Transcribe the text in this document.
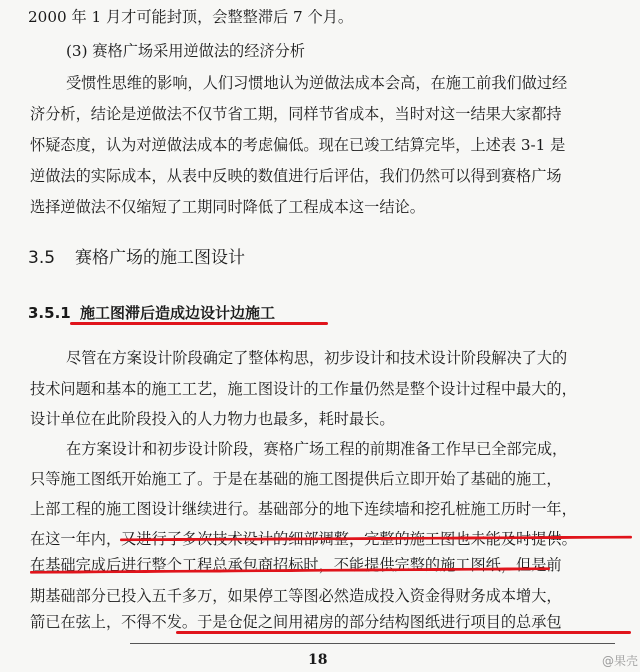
2000 年 1 月才可能封顶，会整整滞后 7 个月。
(3) 赛格广场采用逆做法的经济分析
受惯性思维的影响，人们习惯地认为逆做法成本会高，在施工前我们做过经
济分析，结论是逆做法不仅节省工期，同样节省成本，当时对这一结果大家都持
怀疑态度，认为对逆做法成本的考虑偏低。现在已竣工结算完毕，上述表 3-1 是
逆做法的实际成本，从表中反映的数值进行后评估，我们仍然可以得到赛格广场
选择逆做法不仅缩短了工期同时降低了工程成本这一结论。
3.5 赛格广场的施工图设计
3.5.1 施工图滞后造成边设计边施工
尽管在方案设计阶段确定了整体构思，初步设计和技术设计阶段解决了大的
技术问题和基本的施工工艺，施工图设计的工作量仍然是整个设计过程中最大的，
设计单位在此阶段投入的人力物力也最多，耗时最长。
在方案设计和初步设计阶段，赛格广场工程的前期准备工作早已全部完成，
只等施工图纸开始施工了。于是在基础的施工图提供后立即开始了基础的施工，
上部工程的施工图设计继续进行。基础部分的地下连续墙和挖孔桩施工历时一年，
在这一年内，又进行了多次技术设计的细部调整，完整的施工图也未能及时提供。
在基础完成后进行整个工程总承包商招标时，不能提供完整的施工图纸，但是前
期基础部分已投入五千多万，如果停工等图必然造成投入资金得财务成本增大，
箭已在弦上，不得不发。于是仓促之间用裙房的部分结构图纸进行项目的总承包
18	@果壳
